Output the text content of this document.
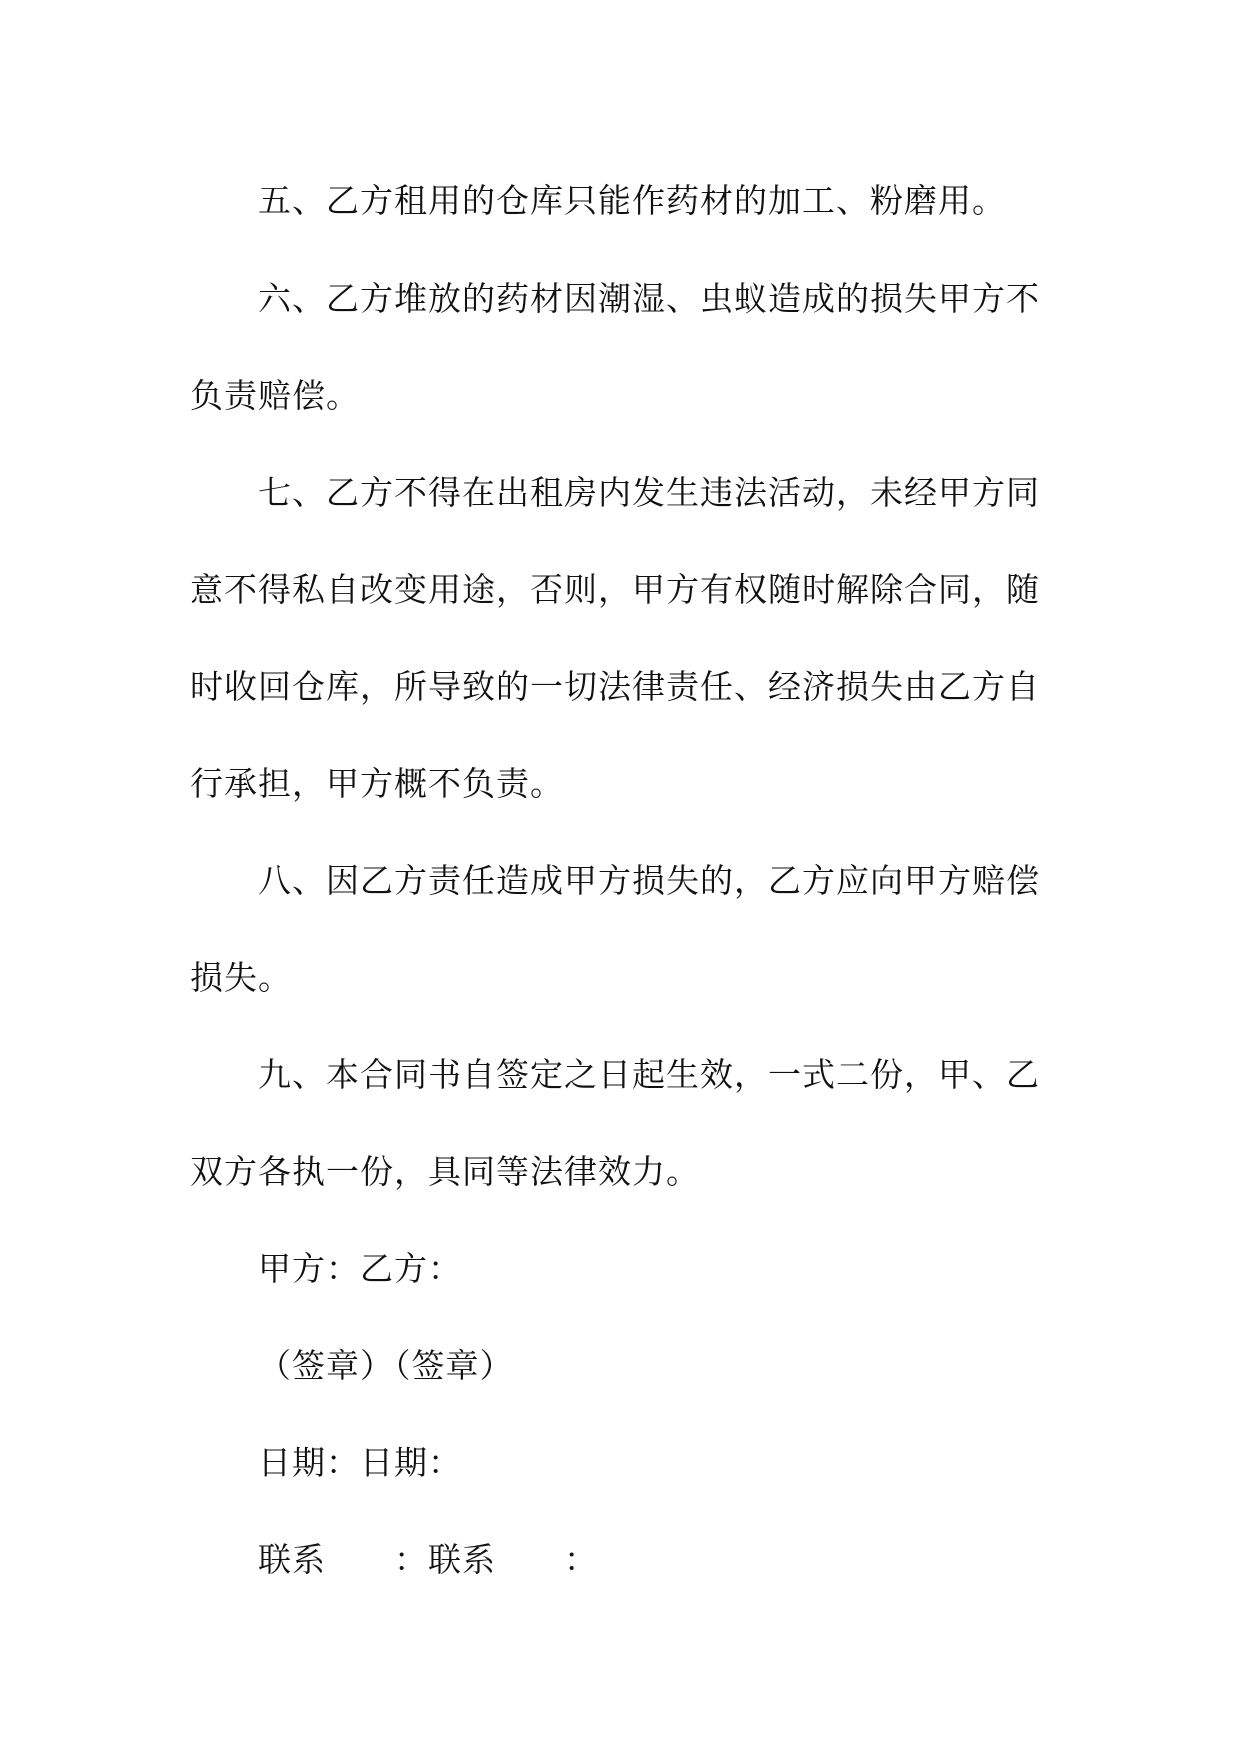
五、乙方租用的仓库只能作药材的加工、粉磨用。

六、乙方堆放的药材因潮湿、虫蚁造成的损失甲方不

负责赔偿。

七、乙方不得在出租房内发生违法活动，未经甲方同

意不得私自改变用途，否则，甲方有权随时解除合同，随

时收回仓库，所导致的一切法律责任、经济损失由乙方自

行承担，甲方概不负责。

八、因乙方责任造成甲方损失的，乙方应向甲方赔偿

损失。

九、本合同书自签定之日起生效，一式二份，甲、乙

双方各执一份，具同等法律效力。

甲方：乙方：

（签章）（签章）

日期：日期：

联系　　：联系　　：
